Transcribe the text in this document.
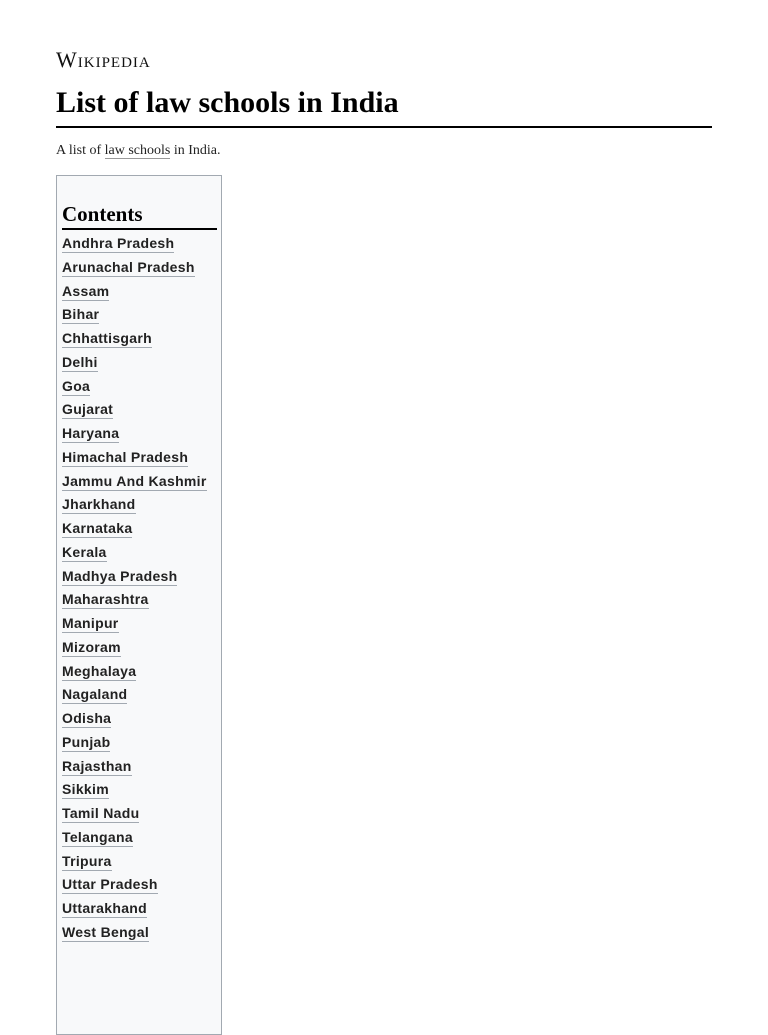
Wikipedia
List of law schools in India

A list of law schools in India.

Contents
Andhra Pradesh
Arunachal Pradesh
Assam
Bihar
Chhattisgarh
Delhi
Goa
Gujarat
Haryana
Himachal Pradesh
Jammu And Kashmir
Jharkhand
Karnataka
Kerala
Madhya Pradesh
Maharashtra
Manipur
Mizoram
Meghalaya
Nagaland
Odisha
Punjab
Rajasthan
Sikkim
Tamil Nadu
Telangana
Tripura
Uttar Pradesh
Uttarakhand
West Bengal
